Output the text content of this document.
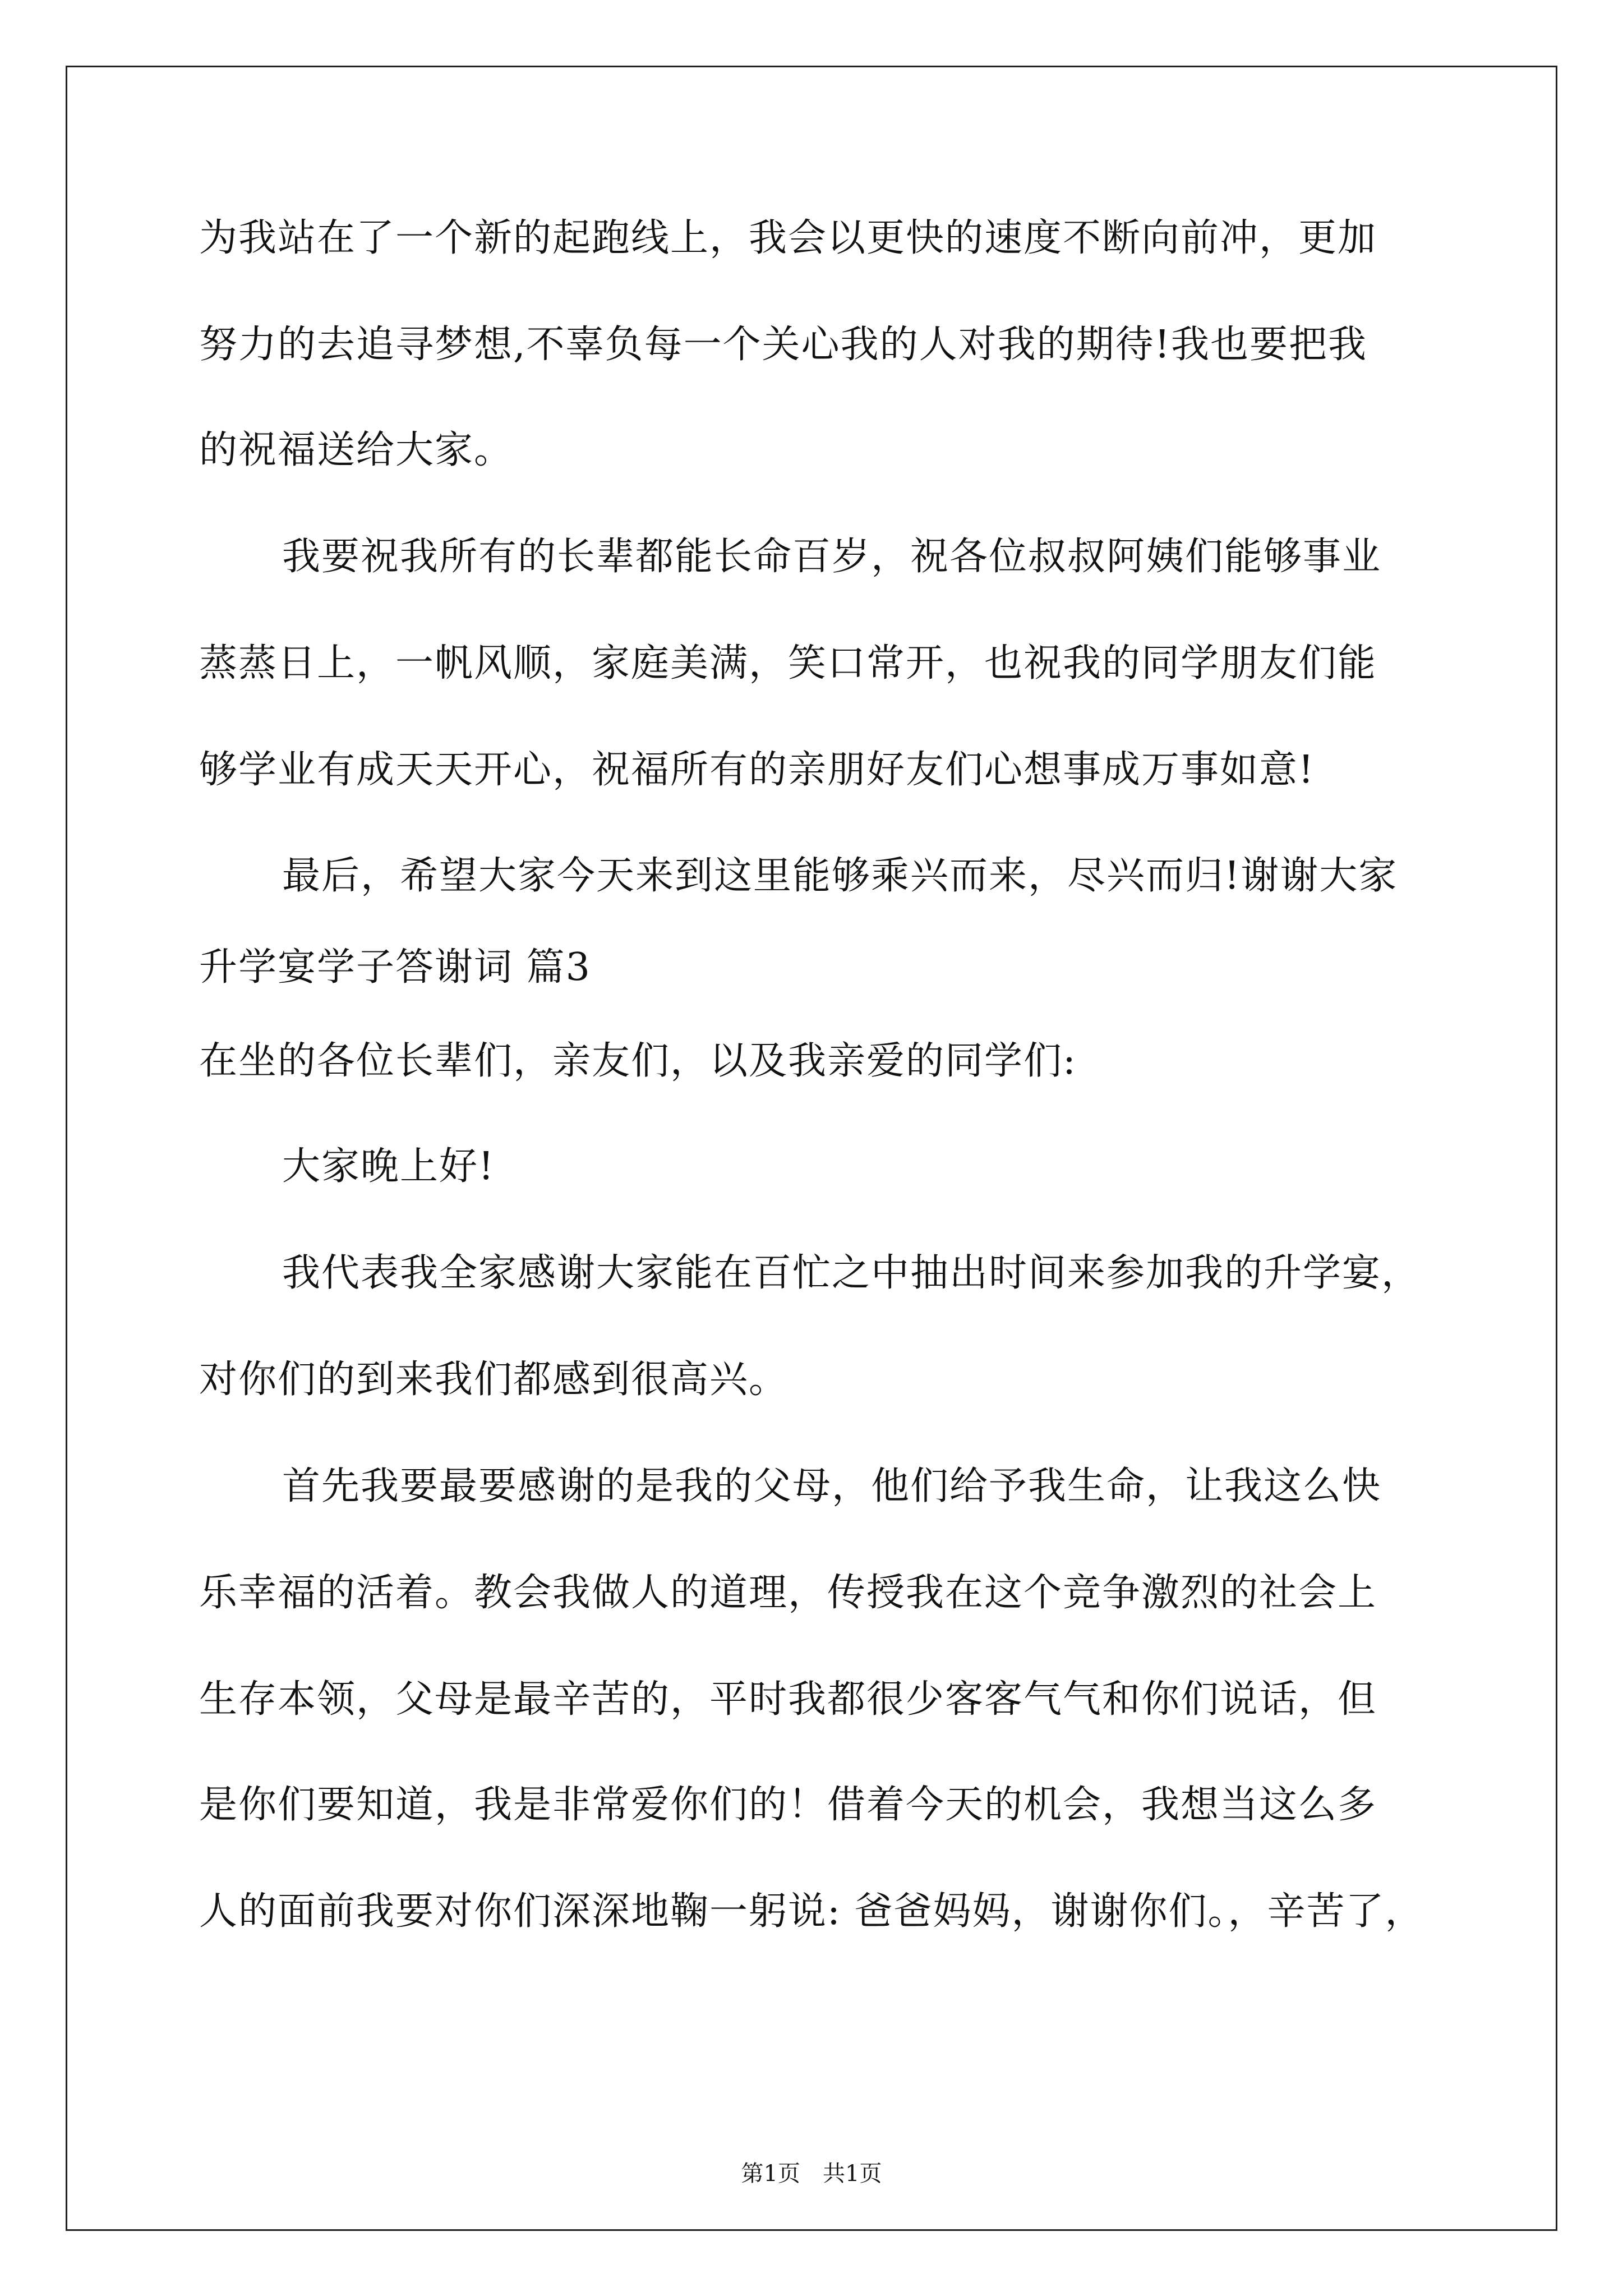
为我站在了一个新的起跑线上，我会以更快的速度不断向前冲，更加
努力的去追寻梦想,不辜负每一个关心我的人对我的期待!我也要把我
的祝福送给大家。
我要祝我所有的长辈都能长命百岁，祝各位叔叔阿姨们能够事业
蒸蒸日上，一帆风顺，家庭美满，笑口常开，也祝我的同学朋友们能
够学业有成天天开心，祝福所有的亲朋好友们心想事成万事如意!
最后，希望大家今天来到这里能够乘兴而来，尽兴而归!谢谢大家
升学宴学子答谢词 篇3
在坐的各位长辈们，亲友们，以及我亲爱的同学们:
大家晚上好!
我代表我全家感谢大家能在百忙之中抽出时间来参加我的升学宴，
对你们的到来我们都感到很高兴。
首先我要最要感谢的是我的父母，他们给予我生命，让我这么快
乐幸福的活着。教会我做人的道理，传授我在这个竞争激烈的社会上
生存本领，父母是最辛苦的，平时我都很少客客气气和你们说话，但
是你们要知道，我是非常爱你们的！借着今天的机会，我想当这么多
人的面前我要对你们深深地鞠一躬说: 爸爸妈妈，谢谢你们。，辛苦了，
第1页　共1页
